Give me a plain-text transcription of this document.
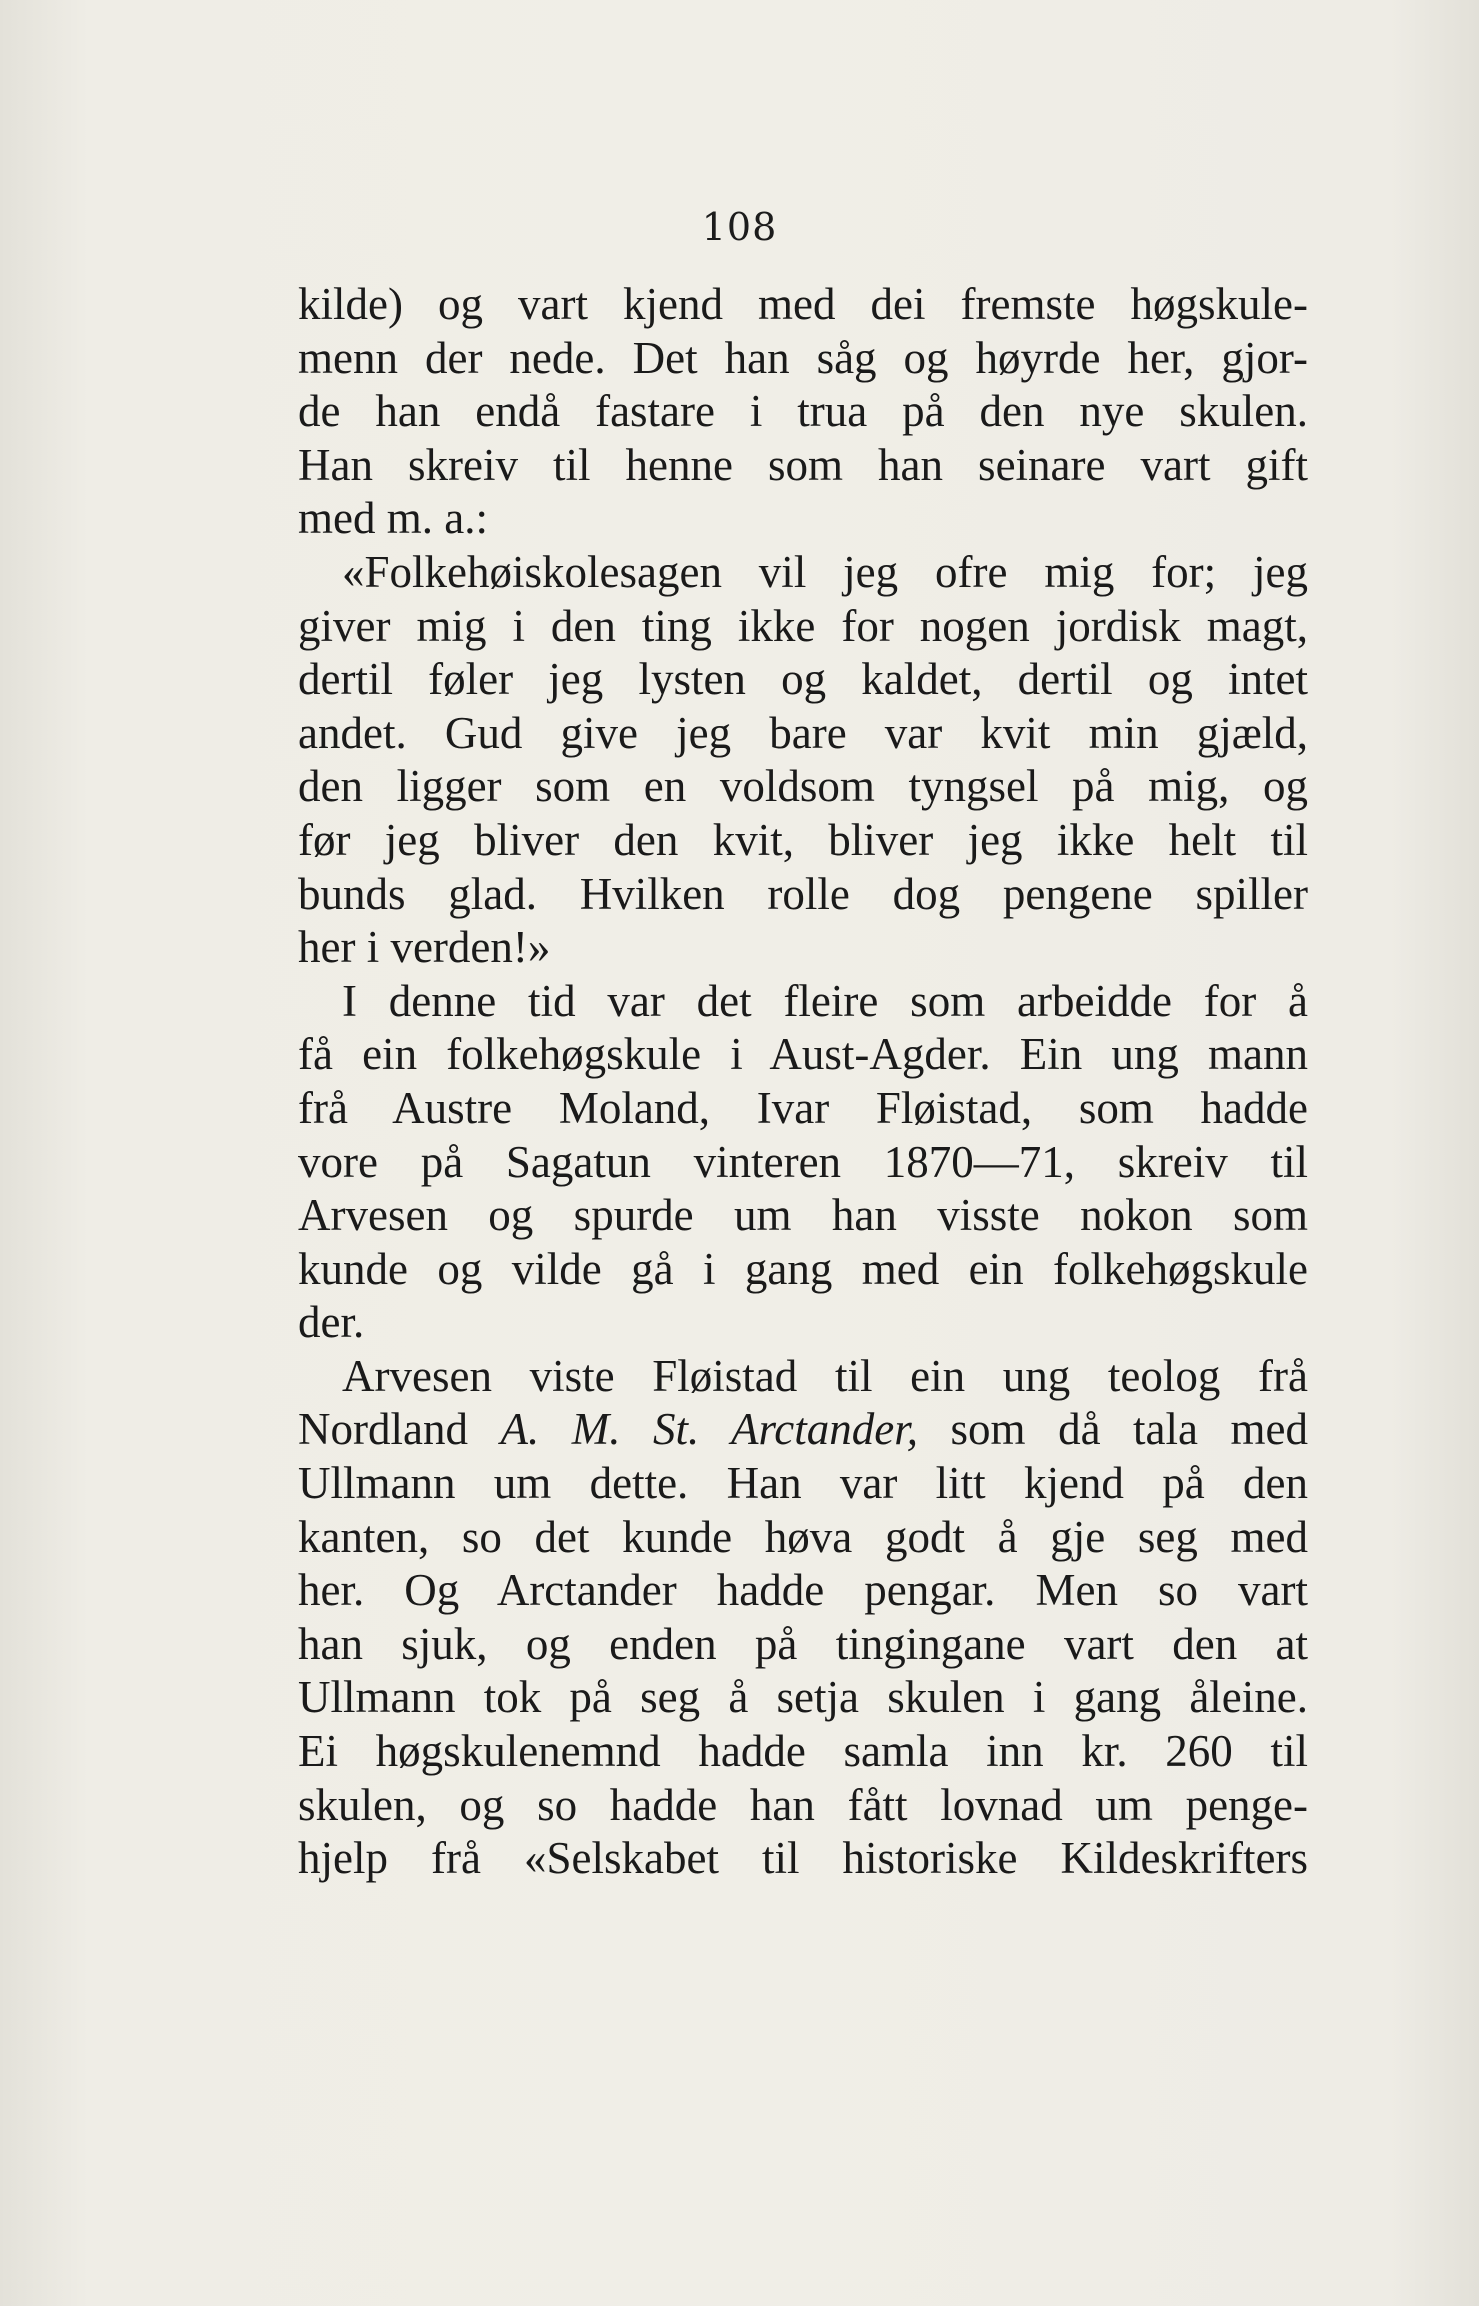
108
kilde) og vart kjend med dei fremste høgskule-
menn der nede. Det han såg og høyrde her, gjor-
de han endå fastare i trua på den nye skulen.
Han skreiv til henne som han seinare vart gift
med m. a.:
«Folkehøiskolesagen vil jeg ofre mig for; jeg
giver mig i den ting ikke for nogen jordisk magt,
dertil føler jeg lysten og kaldet, dertil og intet
andet. Gud give jeg bare var kvit min gjæld,
den ligger som en voldsom tyngsel på mig, og
før jeg bliver den kvit, bliver jeg ikke helt til
bunds glad. Hvilken rolle dog pengene spiller
her i verden!»
I denne tid var det fleire som arbeidde for å
få ein folkehøgskule i Aust-Agder. Ein ung mann
frå Austre Moland, Ivar Fløistad, som hadde
vore på Sagatun vinteren 1870—71, skreiv til
Arvesen og spurde um han visste nokon som
kunde og vilde gå i gang med ein folkehøgskule
der.
Arvesen viste Fløistad til ein ung teolog frå
Nordland A. M. St. Arctander, som då tala med
Ullmann um dette. Han var litt kjend på den
kanten, so det kunde høva godt å gje seg med
her. Og Arctander hadde pengar. Men so vart
han sjuk, og enden på tingingane vart den at
Ullmann tok på seg å setja skulen i gang åleine.
Ei høgskulenemnd hadde samla inn kr. 260 til
skulen, og so hadde han fått lovnad um penge-
hjelp frå «Selskabet til historiske Kildeskrifters
